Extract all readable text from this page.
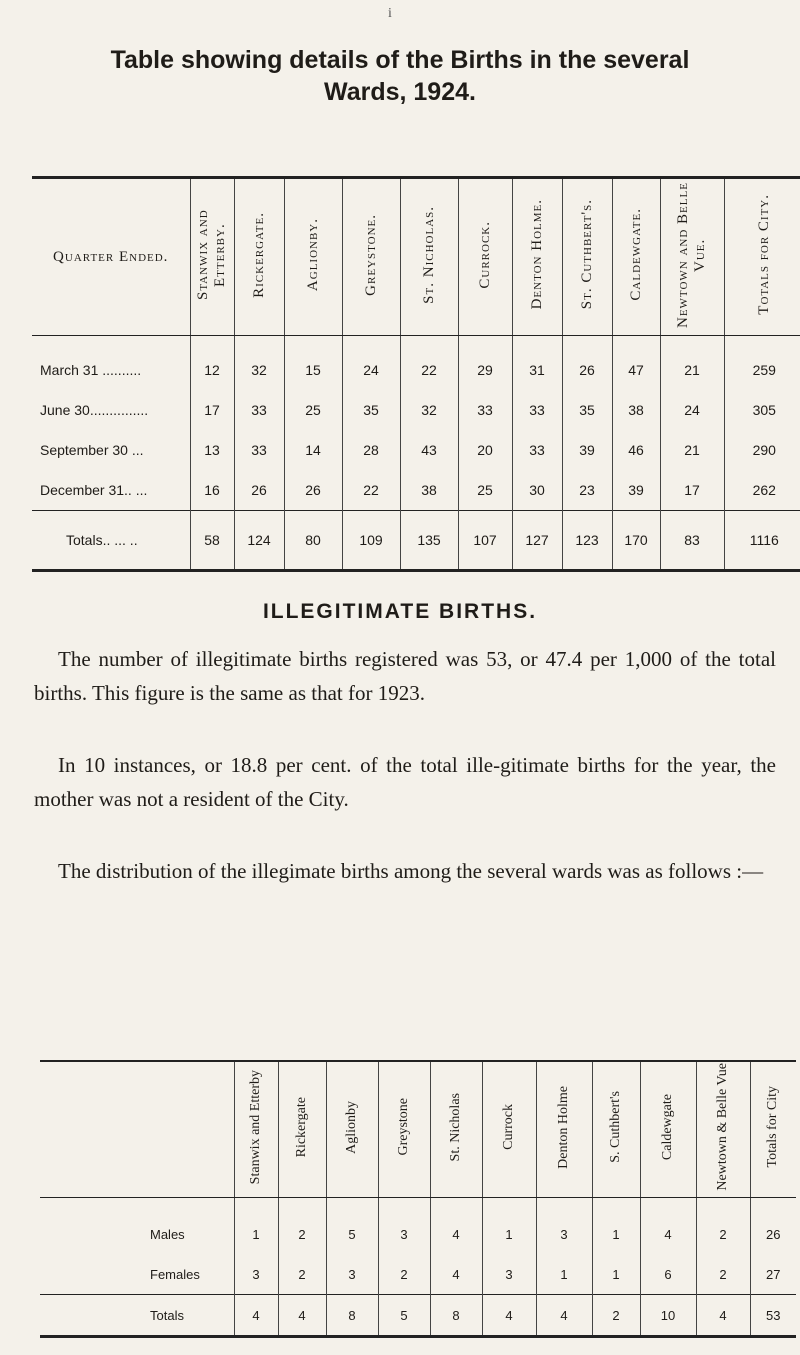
i
Table showing details of the Births in the several
Wards, 1924.
Quarter Ended.	Stanwix and Etterby.	Rickergate.	Aglionby.	Greystone.	St. Nicholas.	Currock.	Denton Holme.	St. Cuthbert's.	Caldewgate.	Newtown and Belle Vue.	Totals for City.
March 31 ..........	12	32	15	24	22	29	31	26	47	21	259
June 30...............	17	33	25	35	32	33	33	35	38	24	305
September 30 ...	13	33	14	28	43	20	33	39	46	21	290
December 31.. ...	16	26	26	22	38	25	30	23	39	17	262
Totals.. ... ..	58	124	80	109	135	107	127	123	170	83	1116
ILLEGITIMATE BIRTHS.

The number of illegitimate births registered was 53, or 47.4 per 1,000 of the total births. This figure is the same as that for 1923.

In 10 instances, or 18.8 per cent. of the total ille-gitimate births for the year, the mother was not a resident of the City.

The distribution of the illegimate births among the several wards was as follows :—

	Stanwix and Etterby	Rickergate	Aglionby	Greystone	St. Nicholas	Currock	Denton Holme	S. Cuthbert's	Caldewgate	Newtown & Belle Vue	Totals for City
Males	1	2	5	3	4	1	3	1	4	2	26
Females	3	2	3	2	4	3	1	1	6	2	27
Totals	4	4	8	5	8	4	4	2	10	4	53
